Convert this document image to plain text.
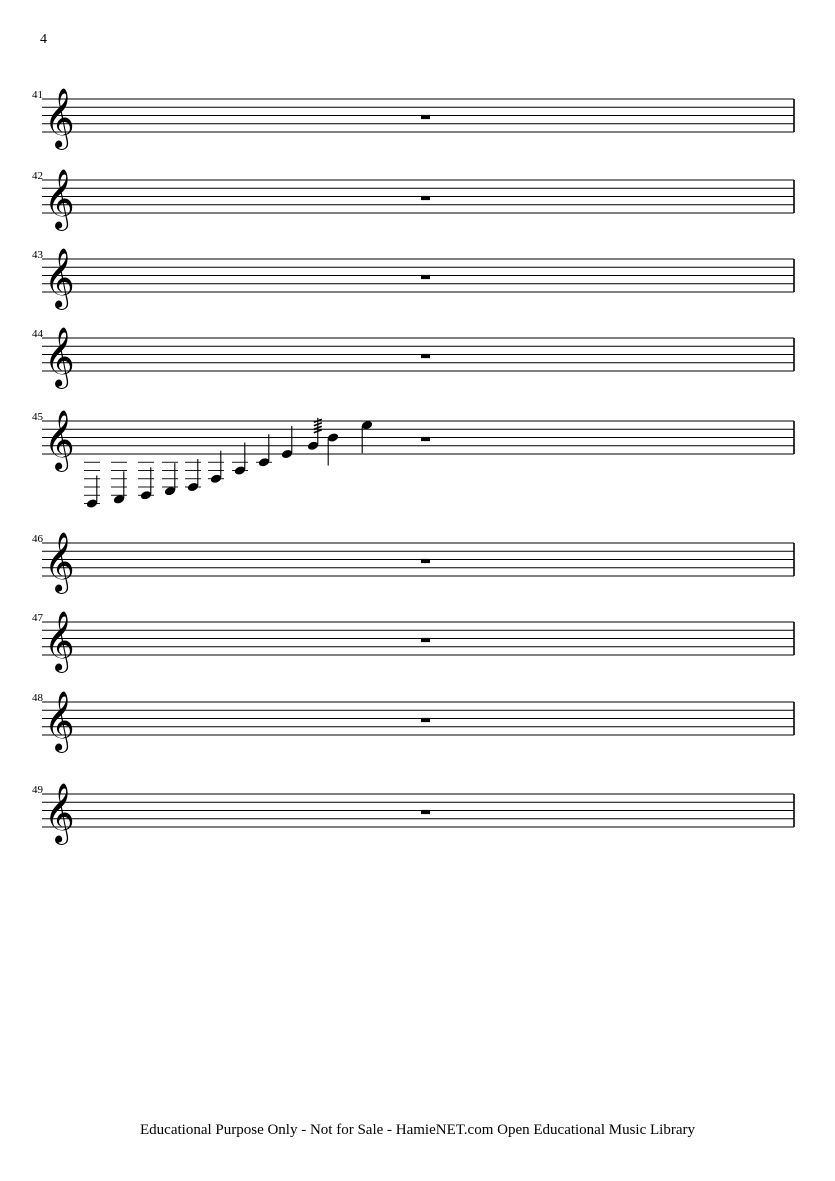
4
41 𝄞
42 𝄞
43 𝄞
44 𝄞
45 𝄞
46 𝄞
47 𝄞
48 𝄞
49 𝄞
Educational Purpose Only - Not for Sale - HamieNET.com Open Educational Music Library
